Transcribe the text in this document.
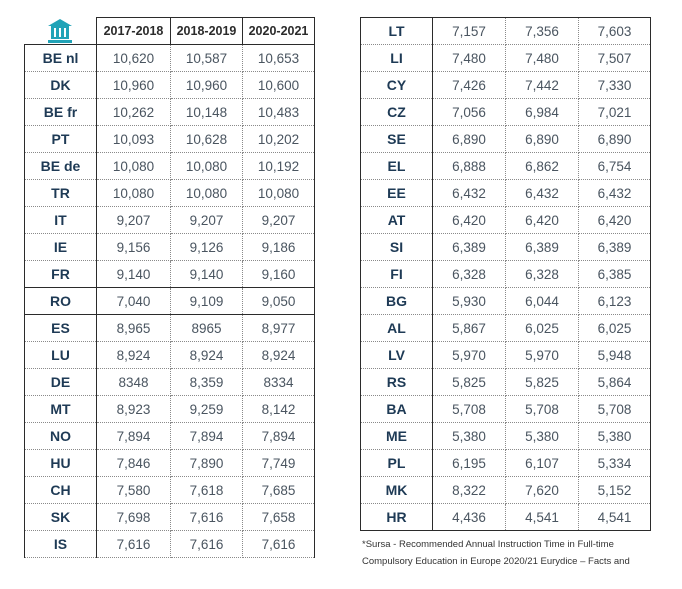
	2017-2018	2018-2019	2020-2021
BE nl	10,620	10,587	10,653
DK	10,960	10,960	10,600
BE fr	10,262	10,148	10,483
PT	10,093	10,628	10,202
BE de	10,080	10,080	10,192
TR	10,080	10,080	10,080
IT	9,207	9,207	9,207
IE	9,156	9,126	9,186
FR	9,140	9,140	9,160
RO	7,040	9,109	9,050
ES	8,965	8965	8,977
LU	8,924	8,924	8,924
DE	8348	8,359	8334
MT	8,923	9,259	8,142
NO	7,894	7,894	7,894
HU	7,846	7,890	7,749
CH	7,580	7,618	7,685
SK	7,698	7,616	7,658
IS	7,616	7,616	7,616
LT	7,157	7,356	7,603
LI	7,480	7,480	7,507
CY	7,426	7,442	7,330
CZ	7,056	6,984	7,021
SE	6,890	6,890	6,890
EL	6,888	6,862	6,754
EE	6,432	6,432	6,432
AT	6,420	6,420	6,420
SI	6,389	6,389	6,389
FI	6,328	6,328	6,385
BG	5,930	6,044	6,123
AL	5,867	6,025	6,025
LV	5,970	5,970	5,948
RS	5,825	5,825	5,864
BA	5,708	5,708	5,708
ME	5,380	5,380	5,380
PL	6,195	6,107	5,334
MK	8,322	7,620	5,152
HR	4,436	4,541	4,541
*Sursa - Recommended Annual Instruction Time in Full-time
Compulsory Education in Europe 2020/21 Eurydice – Facts and
